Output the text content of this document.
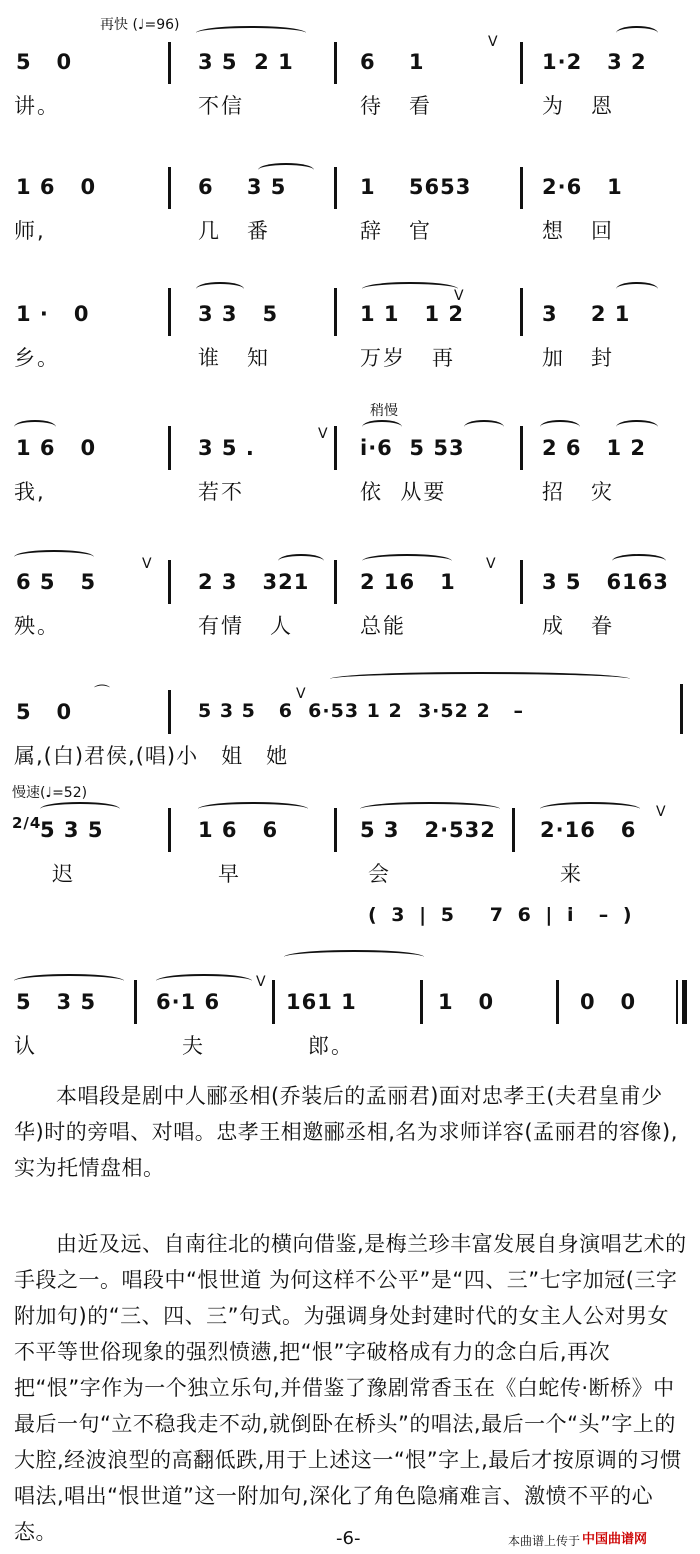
再快 (♩=96)
5   0	3 5  2 1	6    1	1·2   3 2
V
讲。	不信	待   看	为   恩
1 6   0	6    3 5	1    5653	2·6   1
师,	几   番	辞   官	想   回
1 ·   0	3 3   5	1 1   1 2	3    2 1
V
乡。	谁   知	万岁   再	加   封
稍慢
1 6   0	3 5 .	i·6  5 53	2 6   1 2
V
我,	若不	依  从要	招   灾
6 5   5	2 3   321 2 16   1	3 5   6163
V	V
殃。	有情   人	总能	成   眷
5   0
⌒
5 3 5   6  6·53 1 2  3·52 2   –
V
属,(白)君侯,(唱)小   姐   她
慢速(♩=52)
2/4
5 3 5	1 6   6	5 3   2·532 2·16   6
V
迟	早	会	来
( 3 | 5   7 6 | i  – )
5   3 5	6·1 6	161 1	1   0	0   0
V
认	夫	郎。

本唱段是剧中人郦丞相(乔装后的孟丽君)面对忠孝王(夫君皇甫少华)时的旁唱、对唱。忠孝王相邀郦丞相,名为求师详容(孟丽君的容像),实为托情盘相。

由近及远、自南往北的横向借鉴,是梅兰珍丰富发展自身演唱艺术的手段之一。唱段中“恨世道 为何这样不公平”是“四、三”七字加冠(三字附加句)的“三、四、三”句式。为强调身处封建时代的女主人公对男女不平等世俗现象的强烈愤懑,把“恨”字破格成有力的念白后,再次把“恨”字作为一个独立乐句,并借鉴了豫剧常香玉在《白蛇传·断桥》中最后一句“立不稳我走不动,就倒卧在桥头”的唱法,最后一个“头”字上的大腔,经波浪型的高翻低跌,用于上述这一“恨”字上,最后才按原调的习惯唱法,唱出“恨世道”这一附加句,深化了角色隐痛难言、激愤不平的心态。	-6-	本曲谱上传于 中国曲谱网
